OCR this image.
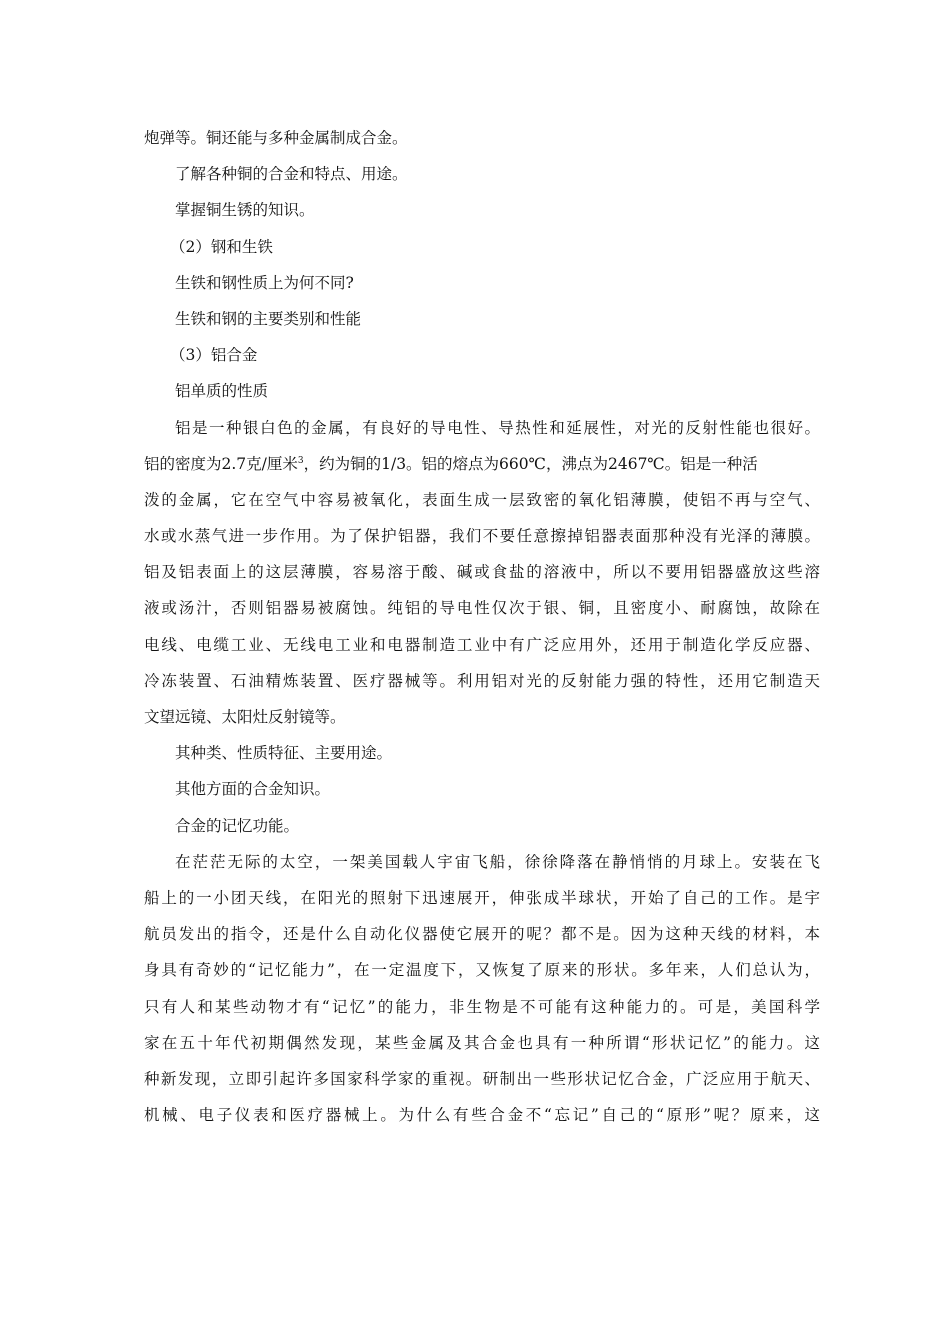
炮弹等。铜还能与多种金属制成合金。
了解各种铜的合金和特点、用途。
掌握铜生锈的知识。
（2）钢和生铁
生铁和钢性质上为何不同?
生铁和钢的主要类别和性能
（3）铝合金
铝单质的性质
铝是一种银白色的金属，有良好的导电性、导热性和延展性，对光的反射性能也很好。
铝的密度为2.7克/厘米$^3$，约为铜的1/3。铝的熔点为660℃，沸点为2467℃。铝是一种活
泼的金属，它在空气中容易被氧化，表面生成一层致密的氧化铝薄膜，使铝不再与空气、
水或水蒸气进一步作用。为了保护铝器，我们不要任意擦掉铝器表面那种没有光泽的薄膜。
铝及铝表面上的这层薄膜，容易溶于酸、碱或食盐的溶液中，所以不要用铝器盛放这些溶
液或汤汁，否则铝器易被腐蚀。纯铝的导电性仅次于银、铜，且密度小、耐腐蚀，故除在
电线、电缆工业、无线电工业和电器制造工业中有广泛应用外，还用于制造化学反应器、
冷冻装置、石油精炼装置、医疗器械等。利用铝对光的反射能力强的特性，还用它制造天
文望远镜、太阳灶反射镜等。
其种类、性质特征、主要用途。
其他方面的合金知识。
合金的记忆功能。
在茫茫无际的太空，一架美国载人宇宙飞船，徐徐降落在静悄悄的月球上。安装在飞
船上的一小团天线，在阳光的照射下迅速展开，伸张成半球状，开始了自己的工作。是宇
航员发出的指令，还是什么自动化仪器使它展开的呢？都不是。因为这种天线的材料，本
身具有奇妙的“记忆能力”，在一定温度下，又恢复了原来的形状。多年来，人们总认为，
只有人和某些动物才有“记忆”的能力，非生物是不可能有这种能力的。可是，美国科学
家在五十年代初期偶然发现，某些金属及其合金也具有一种所谓“形状记忆”的能力。这
种新发现，立即引起许多国家科学家的重视。研制出一些形状记忆合金，广泛应用于航天、
机械、电子仪表和医疗器械上。为什么有些合金不“忘记”自己的“原形”呢？原来，这
